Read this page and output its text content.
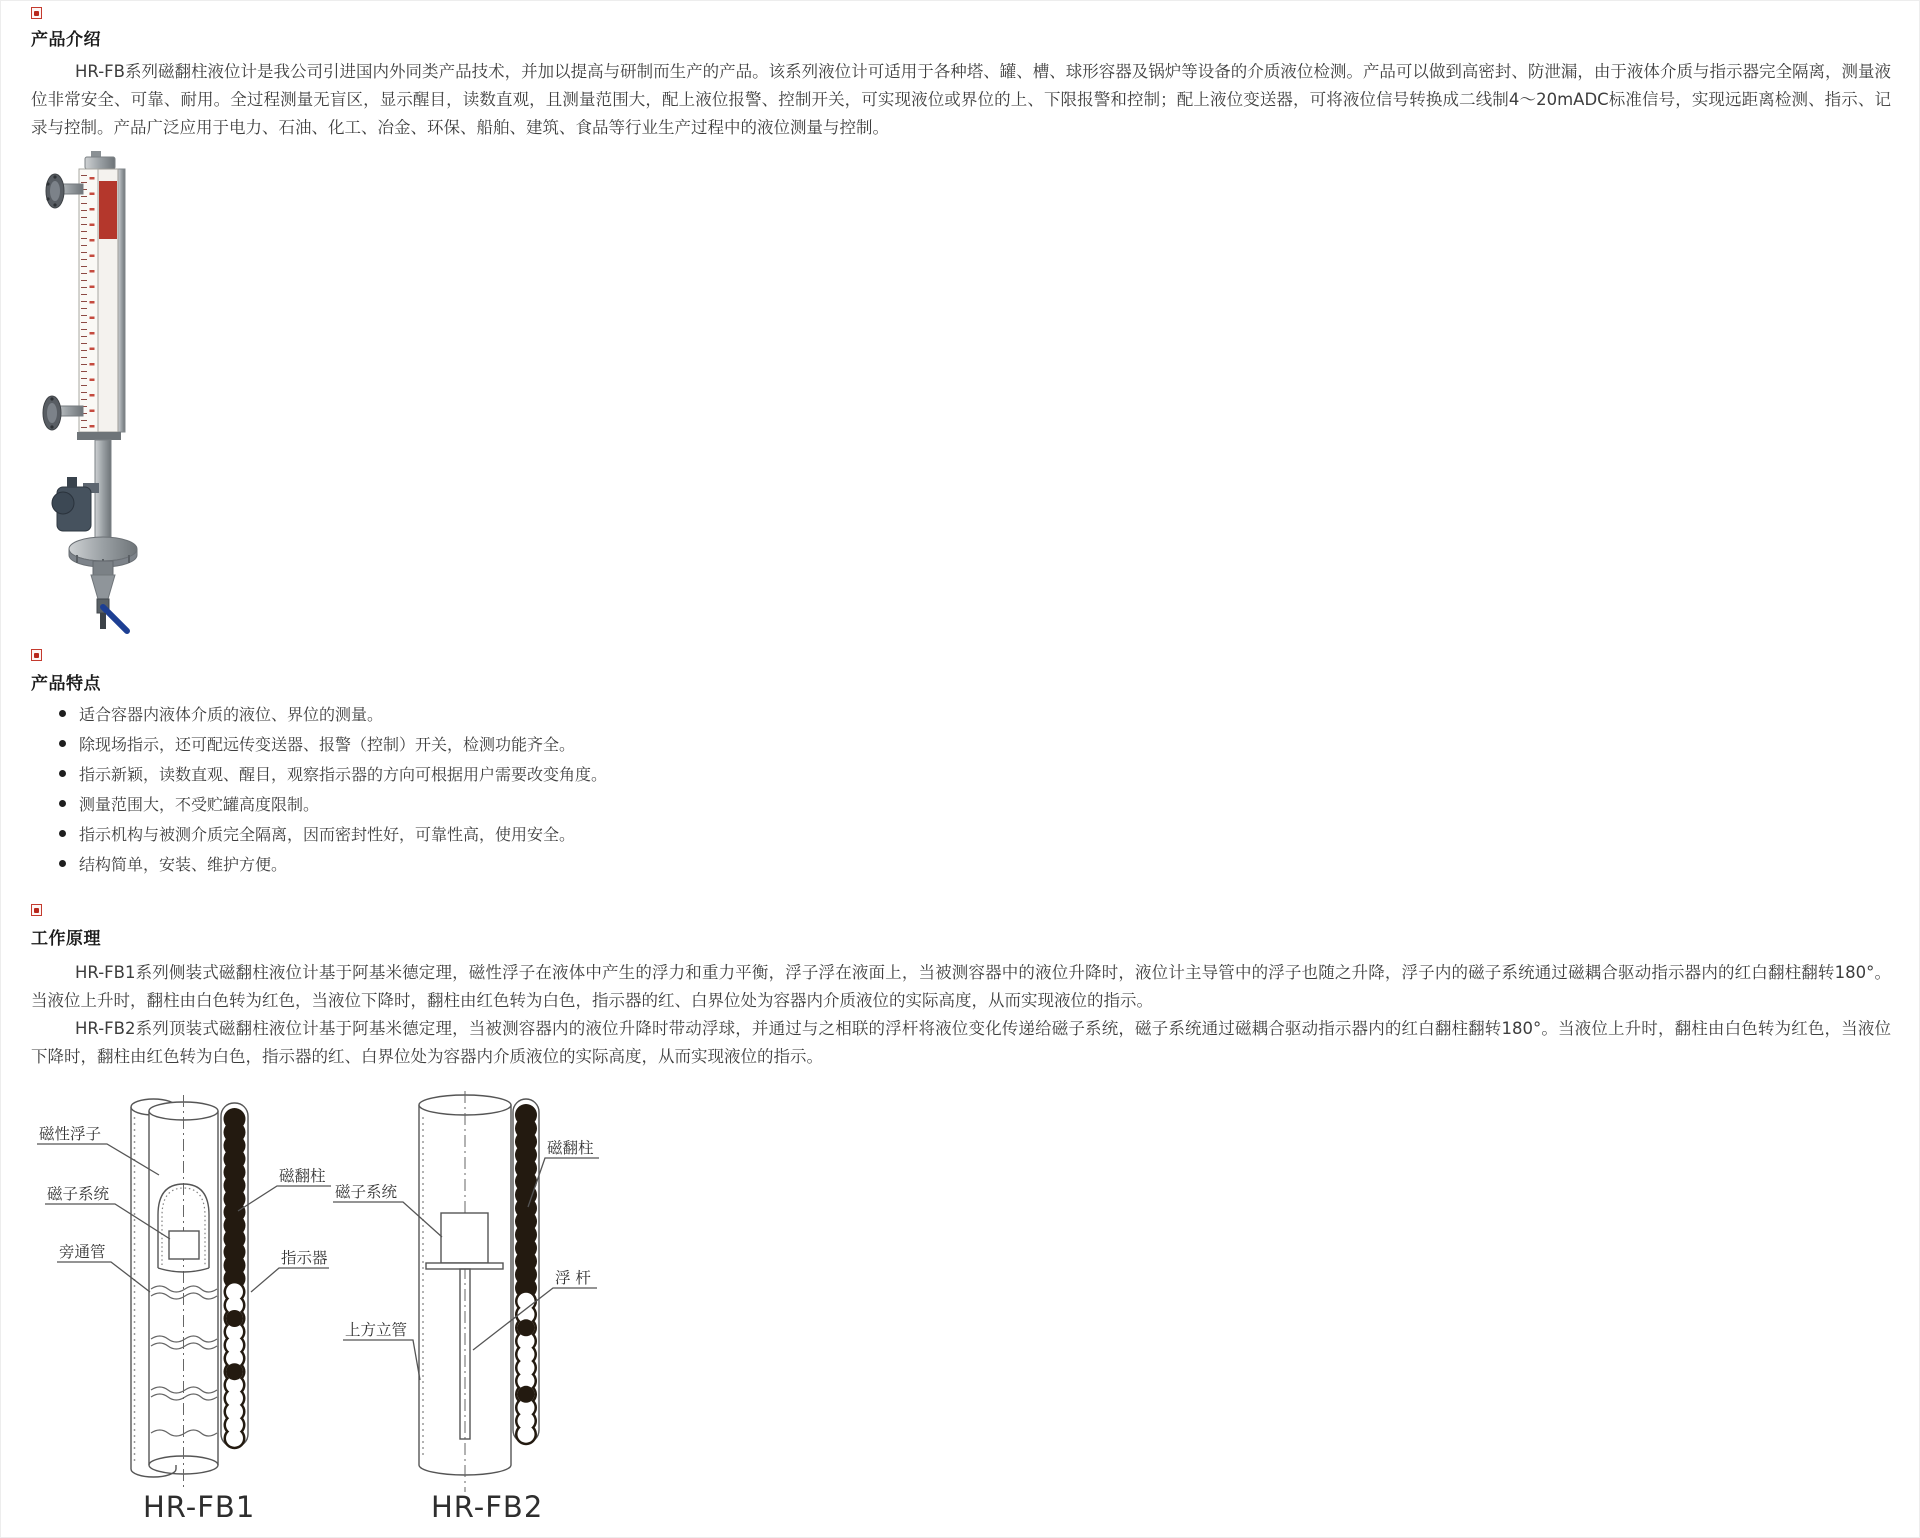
产品介绍

HR-FB系列磁翻柱液位计是我公司引进国内外同类产品技术，并加以提高与研制而生产的产品。该系列液位计可适用于各种塔、罐、槽、球形容器及锅炉等设备的介质液位检测。产品可以做到高密封、防泄漏，由于液体介质与指示器完全隔离，测量液位非常安全、可靠、耐用。全过程测量无盲区，显示醒目，读数直观，且测量范围大，配上液位报警、控制开关，可实现液位或界位的上、下限报警和控制；配上液位变送器，可将液位信号转换成二线制4～20mADC标准信号，实现远距离检测、指示、记录与控制。产品广泛应用于电力、石油、化工、冶金、环保、船舶、建筑、食品等行业生产过程中的液位测量与控制。

产品特点
适合容器内液体介质的液位、界位的测量。
除现场指示，还可配远传变送器、报警（控制）开关，检测功能齐全。
指示新颖，读数直观、醒目，观察指示器的方向可根据用户需要改变角度。
测量范围大，不受贮罐高度限制。
指示机构与被测介质完全隔离，因而密封性好，可靠性高，使用安全。
结构简单，安装、维护方便。
工作原理

HR-FB1系列侧装式磁翻柱液位计基于阿基米德定理，磁性浮子在液体中产生的浮力和重力平衡，浮子浮在液面上，当被测容器中的液位升降时，液位计主导管中的浮子也随之升降，浮子内的磁子系统通过磁耦合驱动指示器内的红白翻柱翻转180°。当液位上升时，翻柱由白色转为红色，当液位下降时，翻柱由红色转为白色，指示器的红、白界位处为容器内介质液位的实际高度，从而实现液位的指示。

HR-FB2系列顶装式磁翻柱液位计基于阿基米德定理，当被测容器内的液位升降时带动浮球，并通过与之相联的浮杆将液位变化传递给磁子系统，磁子系统通过磁耦合驱动指示器内的红白翻柱翻转180°。当液位上升时，翻柱由白色转为红色，当液位下降时，翻柱由红色转为白色，指示器的红、白界位处为容器内介质液位的实际高度，从而实现液位的指示。

磁性浮子
磁子系统
旁通管
磁翻柱
指示器
HR-FB1
磁子系统
上方立管
磁翻柱
浮 杆
HR-FB2
